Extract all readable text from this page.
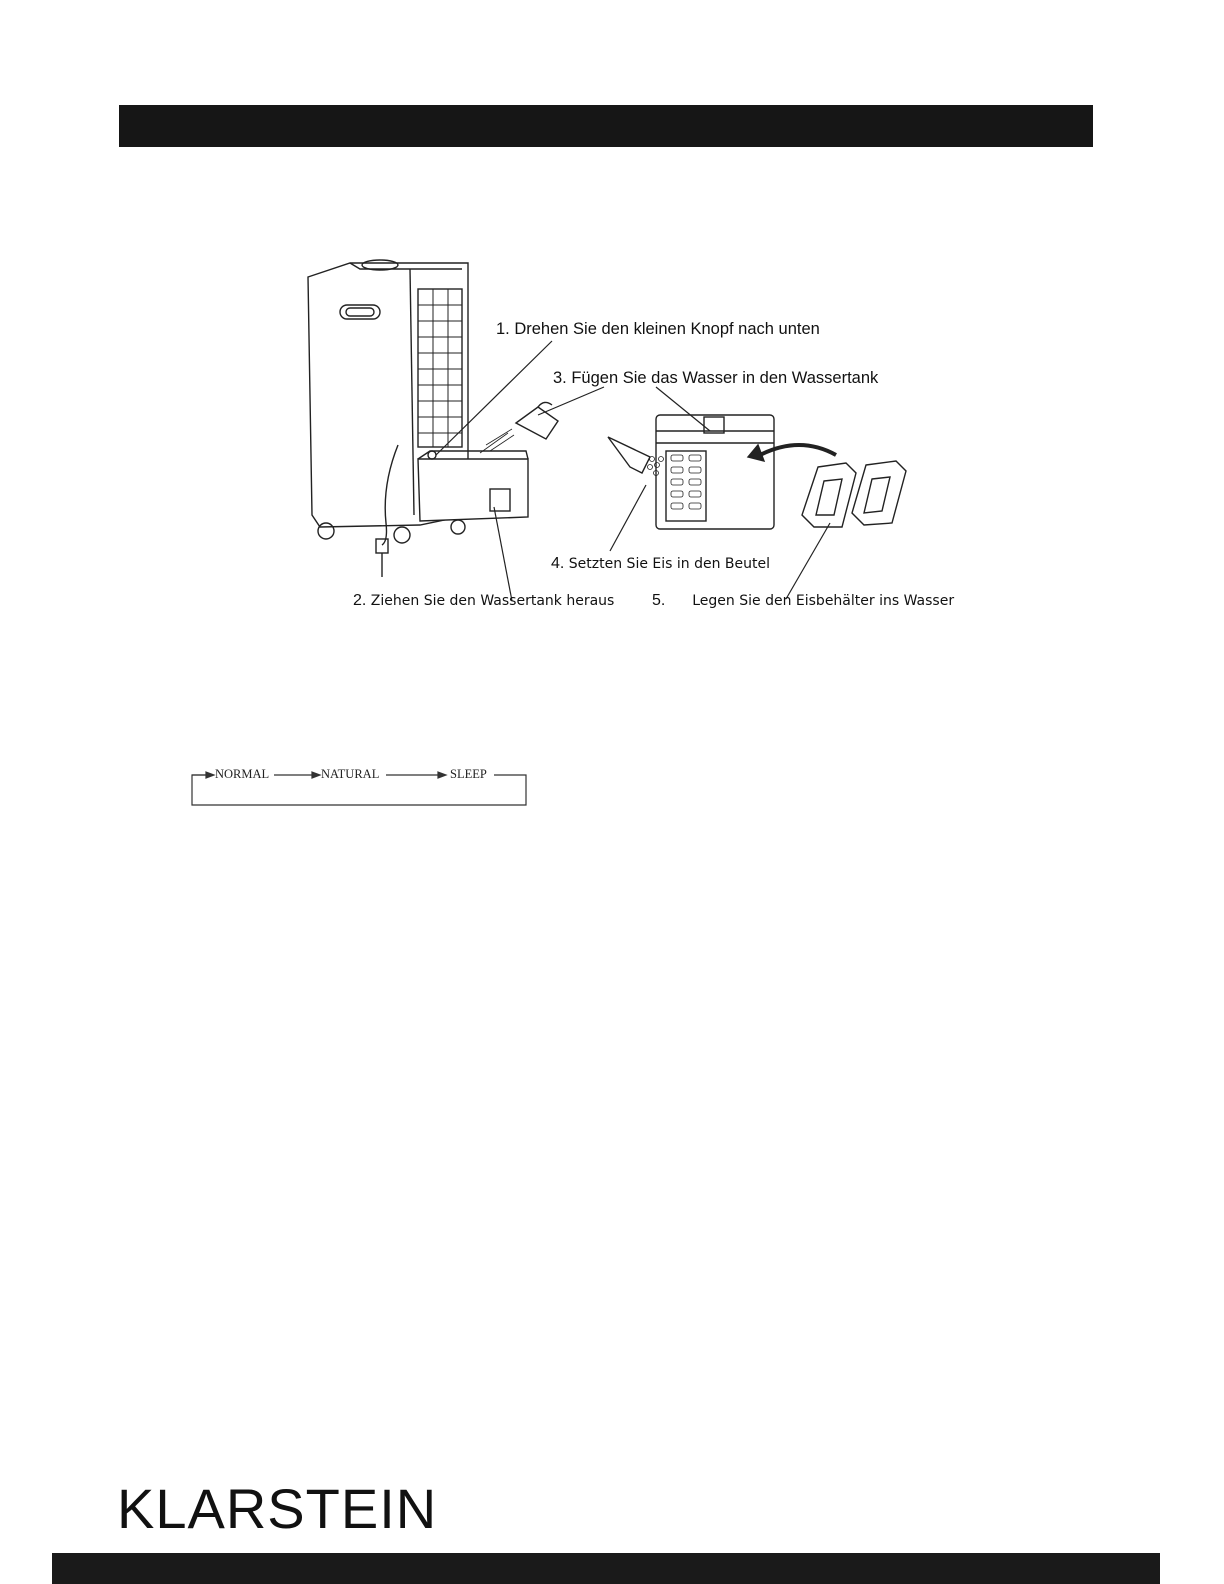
1. Drehen Sie den kleinen Knopf nach unten
3. Fügen Sie das Wasser in den Wassertank
4. Setzten Sie Eis in den Beutel
2. Ziehen Sie den Wassertank heraus 5. Legen Sie den Eisbehälter ins Wasser
NORMAL	NATURAL	SLEEP
KLARSTEIN
